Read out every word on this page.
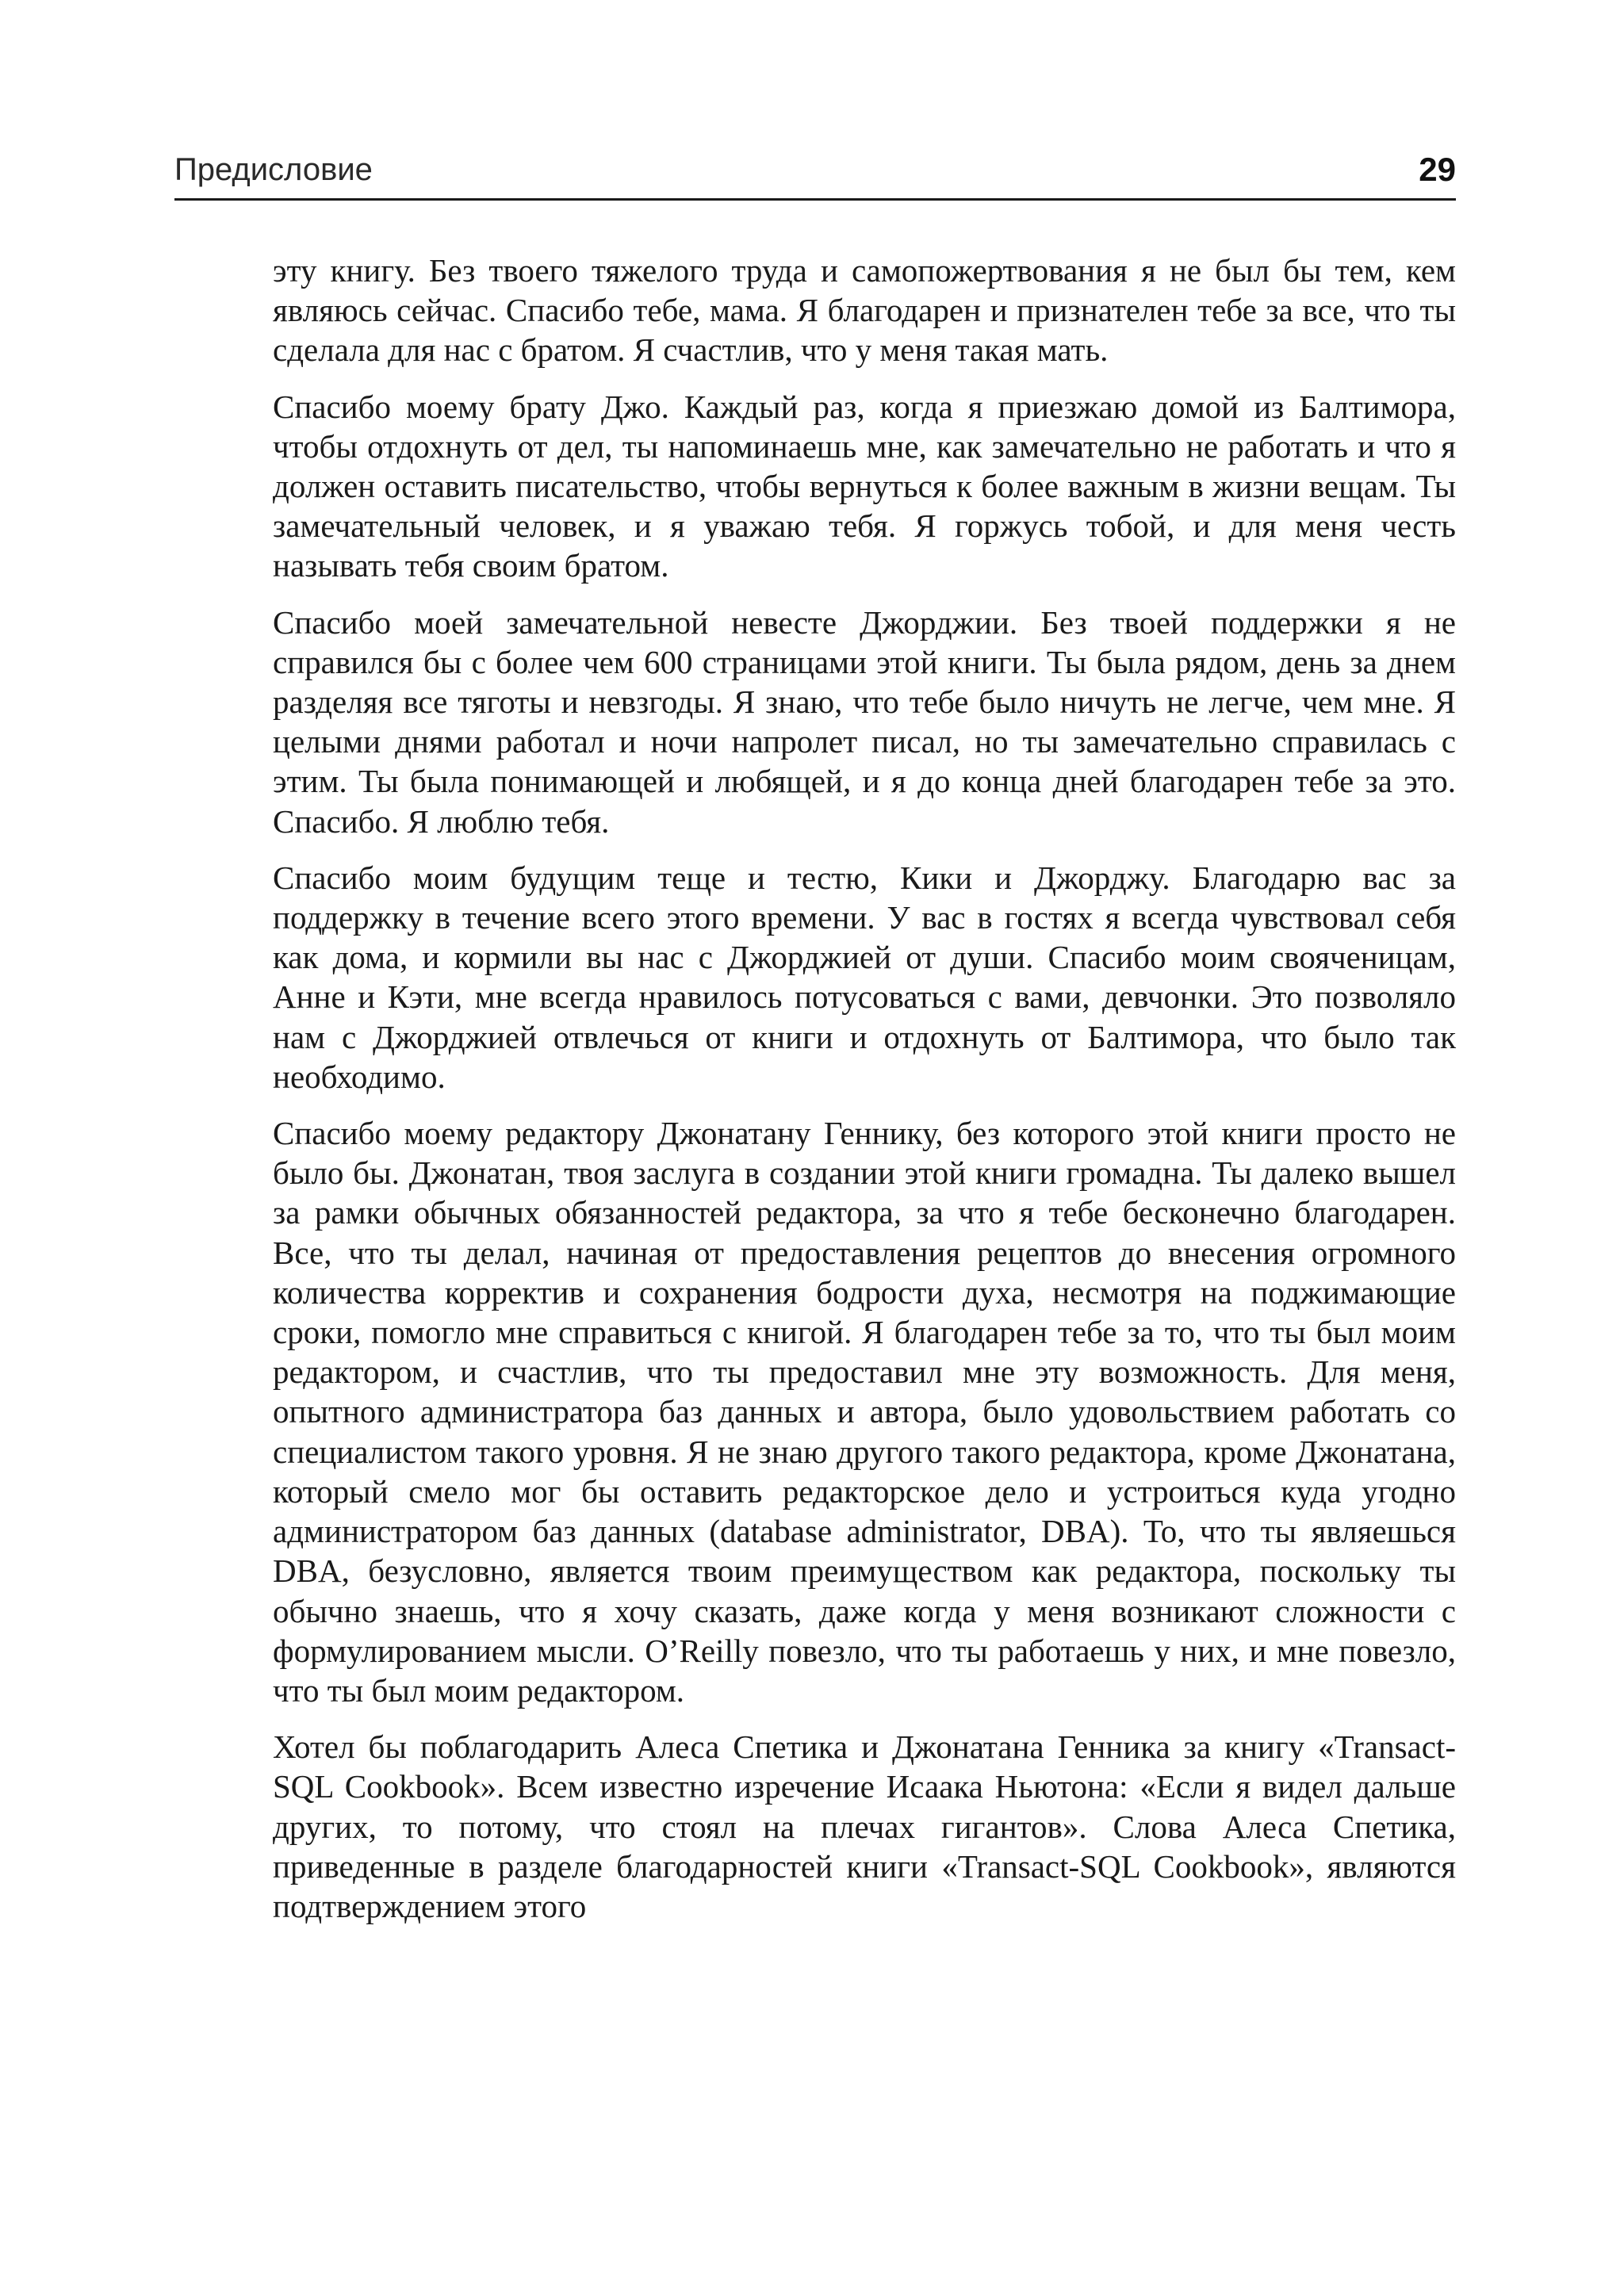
Предисловие	29

эту книгу. Без твоего тяжелого труда и самопожертвования я не был бы тем, кем являюсь сейчас. Спасибо тебе, мама. Я благодарен и признателен тебе за все, что ты сделала для нас с братом. Я счастлив, что у меня такая мать.

Спасибо моему брату Джо. Каждый раз, когда я приезжаю домой из Балтимора, чтобы отдохнуть от дел, ты напоминаешь мне, как замечательно не работать и что я должен оставить писательство, чтобы вернуться к более важным в жизни вещам. Ты замечательный человек, и я уважаю тебя. Я горжусь тобой, и для меня честь называть тебя своим братом.

Спасибо моей замечательной невесте Джорджии. Без твоей поддержки я не справился бы с более чем 600 страницами этой книги. Ты была рядом, день за днем разделяя все тяготы и невзгоды. Я знаю, что тебе было ничуть не легче, чем мне. Я целыми днями работал и ночи напролет писал, но ты замечательно справилась с этим. Ты была понимающей и любящей, и я до конца дней благодарен тебе за это. Спасибо. Я люблю тебя.

Спасибо моим будущим теще и тестю, Кики и Джорджу. Благодарю вас за поддержку в течение всего этого времени. У вас в гостях я всегда чувствовал себя как дома, и кормили вы нас с Джорджией от души. Спасибо моим свояченицам, Анне и Кэти, мне всегда нравилось потусоваться с вами, девчонки. Это позволяло нам с Джорджией отвлечься от книги и отдохнуть от Балтимора, что было так необходимо.

Спасибо моему редактору Джонатану Геннику, без которого этой книги просто не было бы. Джонатан, твоя заслуга в создании этой книги громадна. Ты далеко вышел за рамки обычных обязанностей редактора, за что я тебе бесконечно благодарен. Все, что ты делал, начиная от предоставления рецептов до внесения огромного количества корректив и сохранения бодрости духа, несмотря на поджимающие сроки, помогло мне справиться с книгой. Я благодарен тебе за то, что ты был моим редактором, и счастлив, что ты предоставил мне эту возможность. Для меня, опытного администратора баз данных и автора, было удовольствием работать со специалистом такого уровня. Я не знаю другого такого редактора, кроме Джонатана, который смело мог бы оставить редакторское дело и устроиться куда угодно администратором баз данных (database administrator, DBA). То, что ты являешься DBA, безусловно, является твоим преимуществом как редактора, поскольку ты обычно знаешь, что я хочу сказать, даже когда у меня возникают сложности с формулированием мысли. O’Reilly повезло, что ты работаешь у них, и мне повезло, что ты был моим редактором.

Хотел бы поблагодарить Алеса Спетика и Джонатана Генника за книгу «Transact-SQL Cookbook». Всем известно изречение Исаака Ньютона: «Если я видел дальше других, то потому, что стоял на плечах гигантов». Слова Алеса Спетика, приведенные в разделе благодарностей книги «Transact-SQL Cookbook», являются подтверждением этого
